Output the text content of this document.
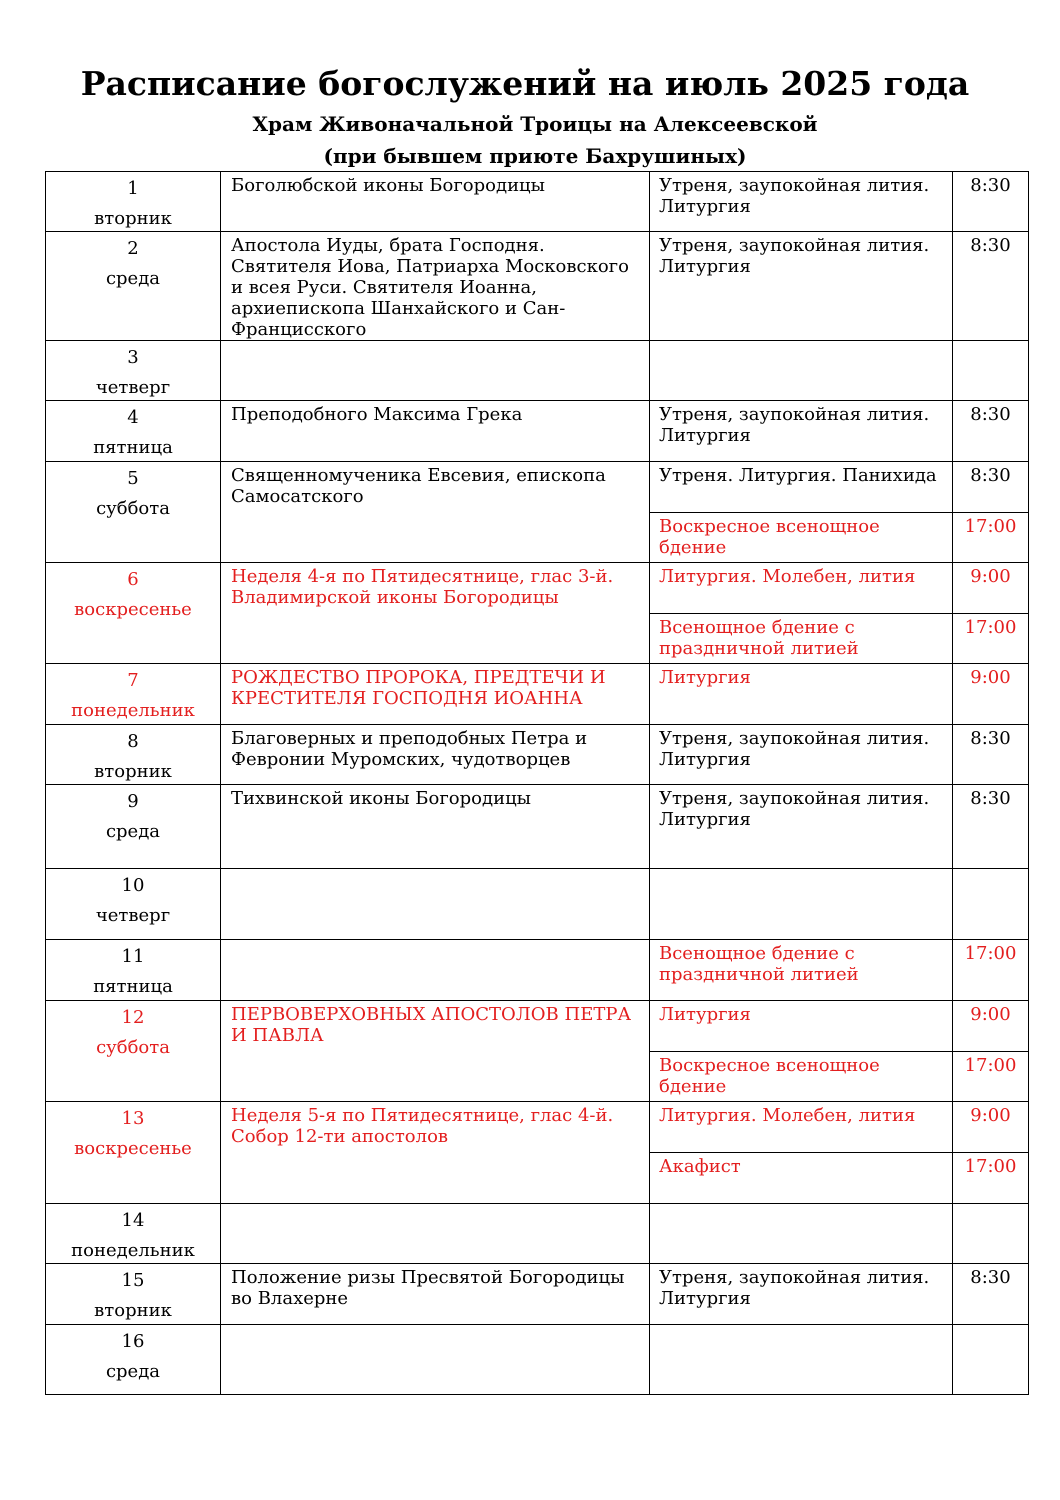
Расписание богослужений на июль 2025 года
Храм Живоначальной Троицы на Алексеевской
(при бывшем приюте Бахрушиных)
1
вторник	Боголюбской иконы Богородицы	Утреня, заупокойная лития. Литургия	8:30

2
среда	Апостола Иуды, брата Господня. Святителя Иова, Патриарха Московского и всея Руси. Святителя Иоанна, архиепископа Шанхайского и Сан-Францисского	Утреня, заупокойная лития. Литургия	8:30

3
четверг			

4
пятница	Преподобного Максима Грека	Утреня, заупокойная лития. Литургия	8:30

5
суббота	Священномученика Евсевия, епископа Самосатского	Утреня. Литургия. Панихида	8:30
		Воскресное всенощное бдение	17:00

6
воскресенье	Неделя 4-я по Пятидесятнице, глас 3-й. Владимирской иконы Богородицы	Литургия. Молебен, лития	9:00
		Всенощное бдение с праздничной литией	17:00

7
понедельник	РОЖДЕСТВО ПРОРОКА, ПРЕДТЕЧИ И КРЕСТИТЕЛЯ ГОСПОДНЯ ИОАННА	Литургия	9:00

8
вторник	Благоверных и преподобных Петра и Февронии Муромских, чудотворцев	Утреня, заупокойная лития. Литургия	8:30

9
среда	Тихвинской иконы Богородицы	Утреня, заупокойная лития. Литургия	8:30

10
четверг			

11
пятница		Всенощное бдение с праздничной литией	17:00

12
суббота	ПЕРВОВЕРХОВНЫХ АПОСТОЛОВ ПЕТРА И ПАВЛА	Литургия	9:00
		Воскресное всенощное бдение	17:00

13
воскресенье	Неделя 5-я по Пятидесятнице, глас 4-й. Собор 12-ти апостолов	Литургия. Молебен, лития	9:00
		Акафист	17:00

14
понедельник			

15
вторник	Положение ризы Пресвятой Богородицы во Влахерне	Утреня, заупокойная лития. Литургия	8:30

16
среда			
